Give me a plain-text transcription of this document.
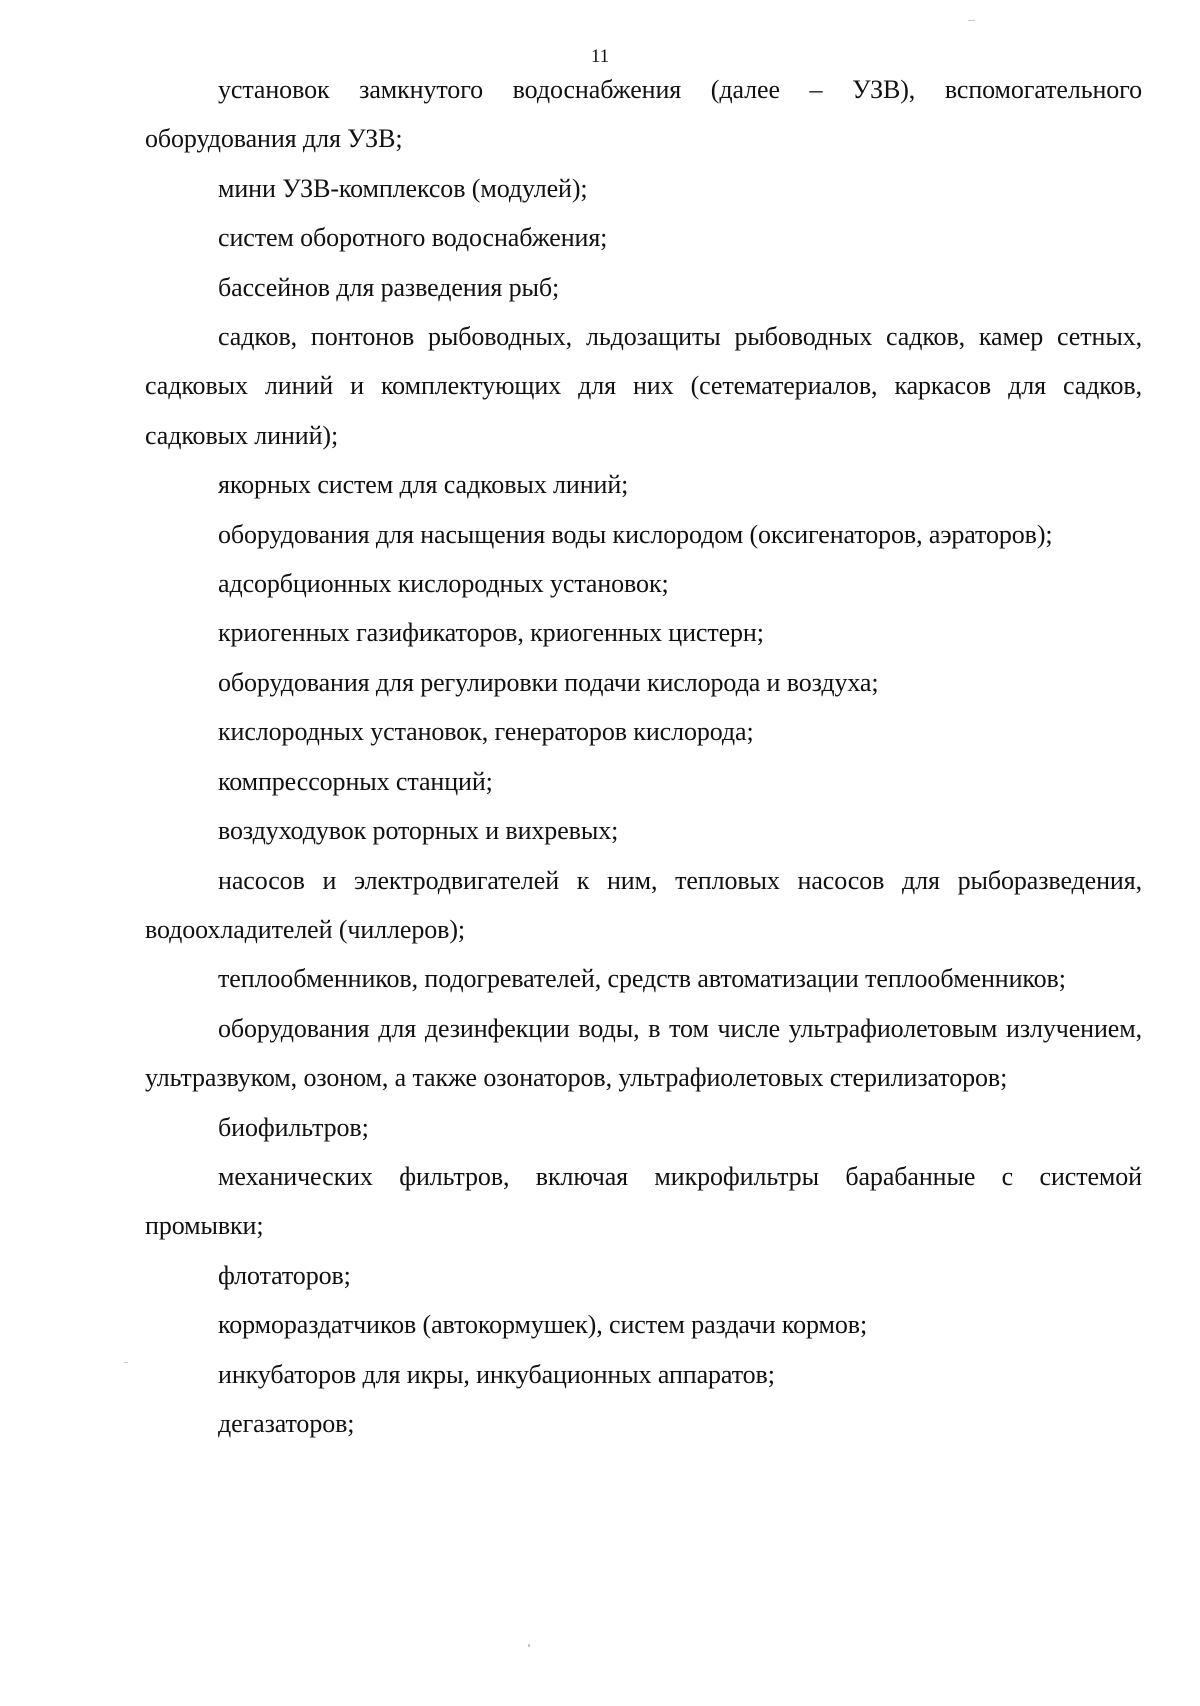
11

установок замкнутого водоснабжения (далее – УЗВ), вспомогательного оборудования для УЗВ;

мини УЗВ-комплексов (модулей);

систем оборотного водоснабжения;

бассейнов для разведения рыб;

садков, понтонов рыбоводных, льдозащиты рыбоводных садков, камер сетных, садковых линий и комплектующих для них (сетематериалов, каркасов для садков, садковых линий);

якорных систем для садковых линий;

оборудования для насыщения воды кислородом (оксигенаторов, аэраторов);

адсорбционных кислородных установок;

криогенных газификаторов, криогенных цистерн;

оборудования для регулировки подачи кислорода и воздуха;

кислородных установок, генераторов кислорода;

компрессорных станций;

воздуходувок роторных и вихревых;

насосов и электродвигателей к ним, тепловых насосов для рыборазведения, водоохладителей (чиллеров);

теплообменников, подогревателей, средств автоматизации теплообменников;

оборудования для дезинфекции воды, в том числе ультрафиолетовым излучением, ультразвуком, озоном, а также озонаторов, ультрафиолетовых стерилизаторов;

биофильтров;

механических фильтров, включая микрофильтры барабанные с системой промывки;

флотаторов;

кормораздатчиков (автокормушек), систем раздачи кормов;

инкубаторов для икры, инкубационных аппаратов;

дегазаторов;
